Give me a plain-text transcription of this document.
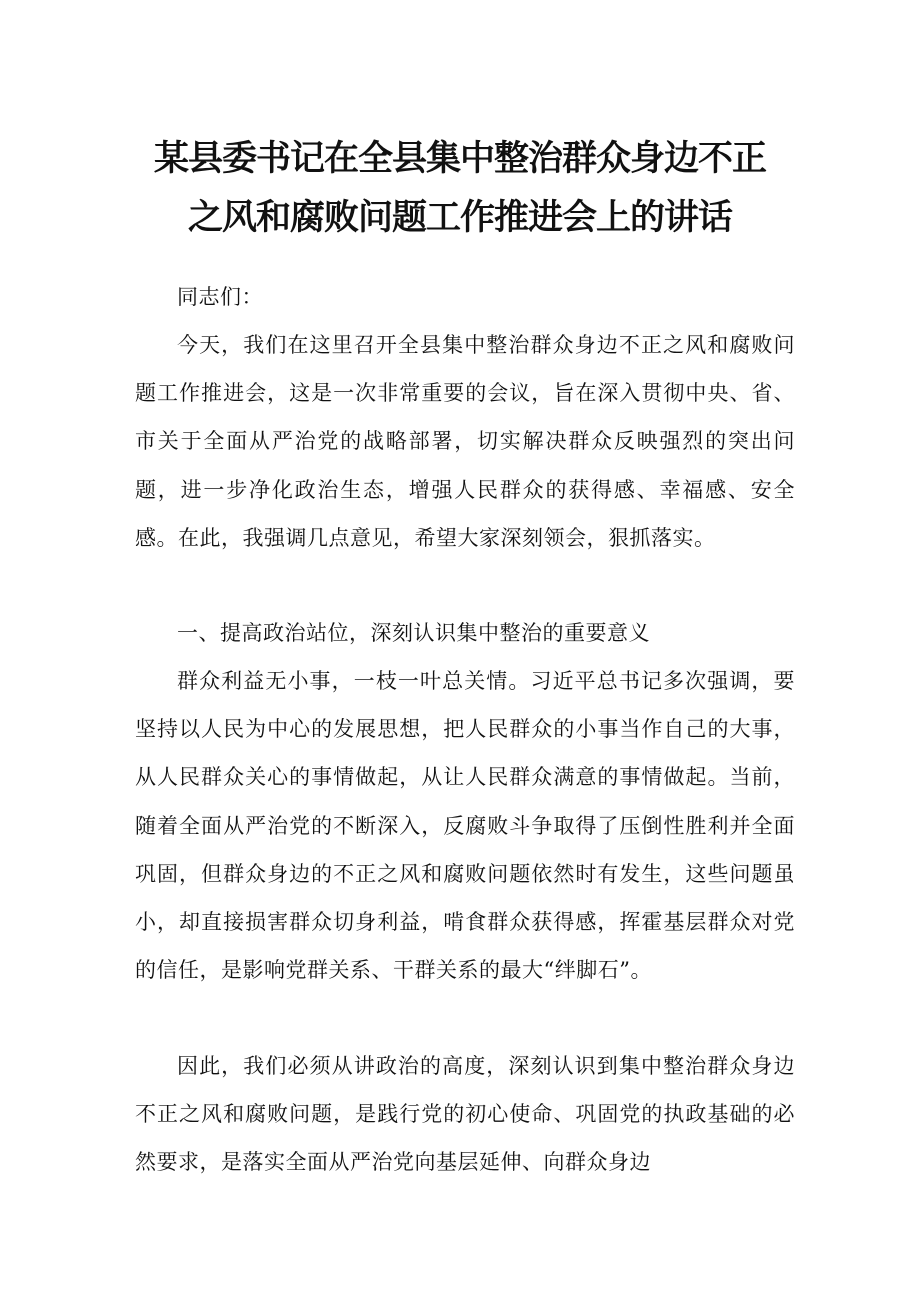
某县委书记在全县集中整治群众身边不正
之风和腐败问题工作推进会上的讲话

同志们：

今天，我们在这里召开全县集中整治群众身边不正之风和腐败问题工作推进会，这是一次非常重要的会议，旨在深入贯彻中央、省、市关于全面从严治党的战略部署，切实解决群众反映强烈的突出问题，进一步净化政治生态，增强人民群众的获得感、幸福感、安全感。在此，我强调几点意见，希望大家深刻领会，狠抓落实。

一、提高政治站位，深刻认识集中整治的重要意义

群众利益无小事，一枝一叶总关情。习近平总书记多次强调，要坚持以人民为中心的发展思想，把人民群众的小事当作自己的大事，从人民群众关心的事情做起，从让人民群众满意的事情做起。当前，随着全面从严治党的不断深入，反腐败斗争取得了压倒性胜利并全面巩固，但群众身边的不正之风和腐败问题依然时有发生，这些问题虽小，却直接损害群众切身利益，啃食群众获得感，挥霍基层群众对党的信任，是影响党群关系、干群关系的最大“绊脚石”。

因此，我们必须从讲政治的高度，深刻认识到集中整治群众身边不正之风和腐败问题，是践行党的初心使命、巩固党的执政基础的必然要求，是落实全面从严治党向基层延伸、向群众身边
